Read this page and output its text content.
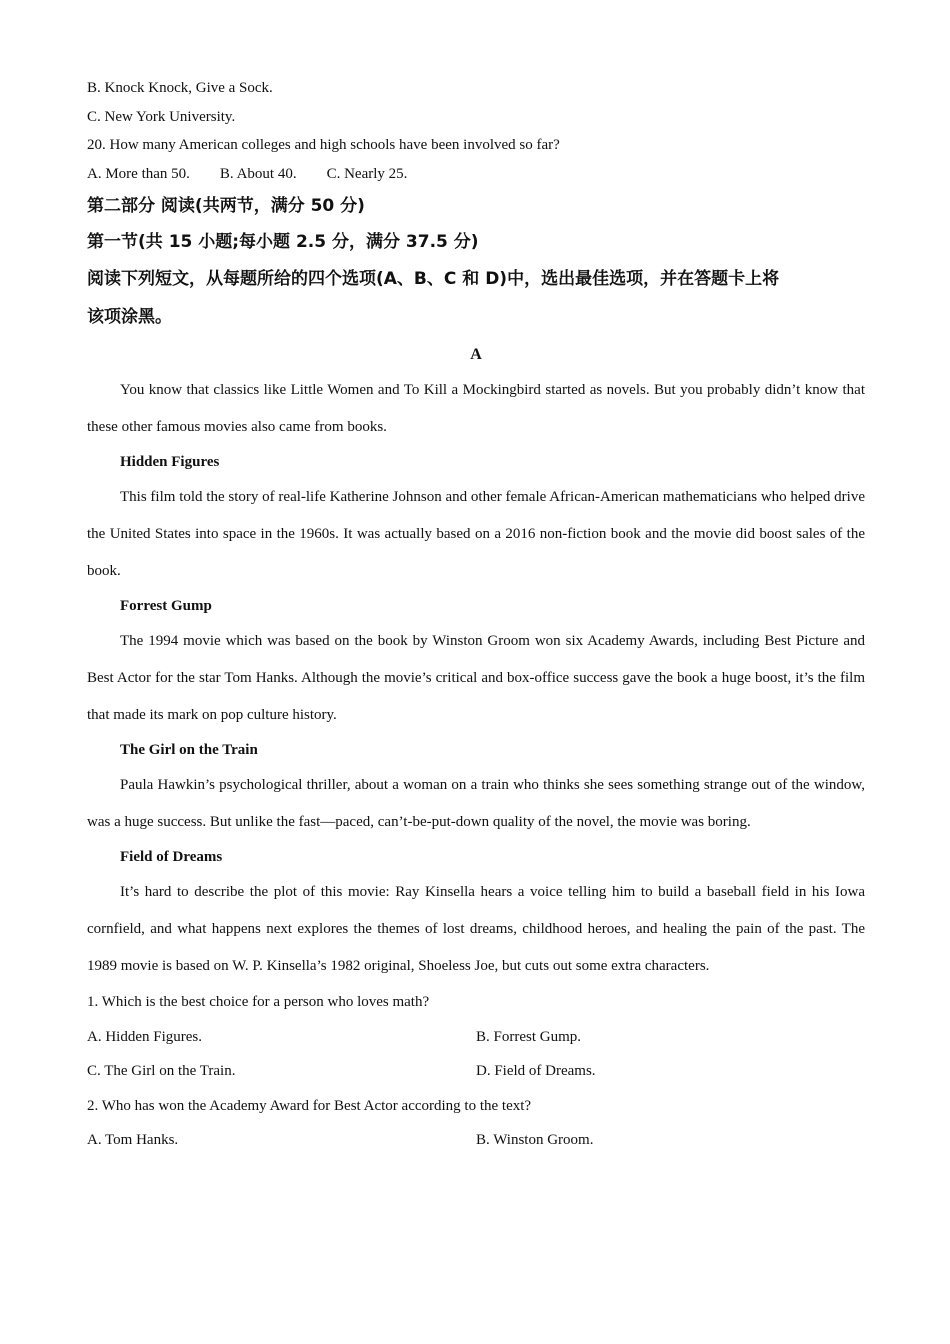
B. Knock Knock, Give a Sock.
C. New York University.
20. How many American colleges and high schools have been involved so far?
A. More than 50. B. About 40. C. Nearly 25.
第二部分 阅读(共两节，满分 50 分)
第一节(共 15 小题;每小题 2.5 分，满分 37.5 分)
阅读下列短文，从每题所给的四个选项(A、B、C 和 D)中，选出最佳选项，并在答题卡上将
该项涂黑。
A
You know that classics like Little Women and To Kill a Mockingbird started as novels. But you probably didn’t know that these other famous movies also came from books.
Hidden Figures
This film told the story of real-life Katherine Johnson and other female African-American mathematicians who helped drive the United States into space in the 1960s. It was actually based on a 2016 non-fiction book and the movie did boost sales of the book.
Forrest Gump
The 1994 movie which was based on the book by Winston Groom won six Academy Awards, including Best Picture and Best Actor for the star Tom Hanks. Although the movie’s critical and box-office success gave the book a huge boost, it’s the film that made its mark on pop culture history.
The Girl on the Train
Paula Hawkin’s psychological thriller, about a woman on a train who thinks she sees something strange out of the window, was a huge success. But unlike the fast—paced, can’t-be-put-down quality of the novel, the movie was boring.
Field of Dreams
It’s hard to describe the plot of this movie: Ray Kinsella hears a voice telling him to build a baseball field in his Iowa cornfield, and what happens next explores the themes of lost dreams, childhood heroes, and healing the pain of the past. The 1989 movie is based on W. P. Kinsella’s 1982 original, Shoeless Joe, but cuts out some extra characters.
1. Which is the best choice for a person who loves math?
A. Hidden Figures.	B. Forrest Gump.
C. The Girl on the Train.	D. Field of Dreams.
2. Who has won the Academy Award for Best Actor according to the text?
A. Tom Hanks.	B. Winston Groom.
